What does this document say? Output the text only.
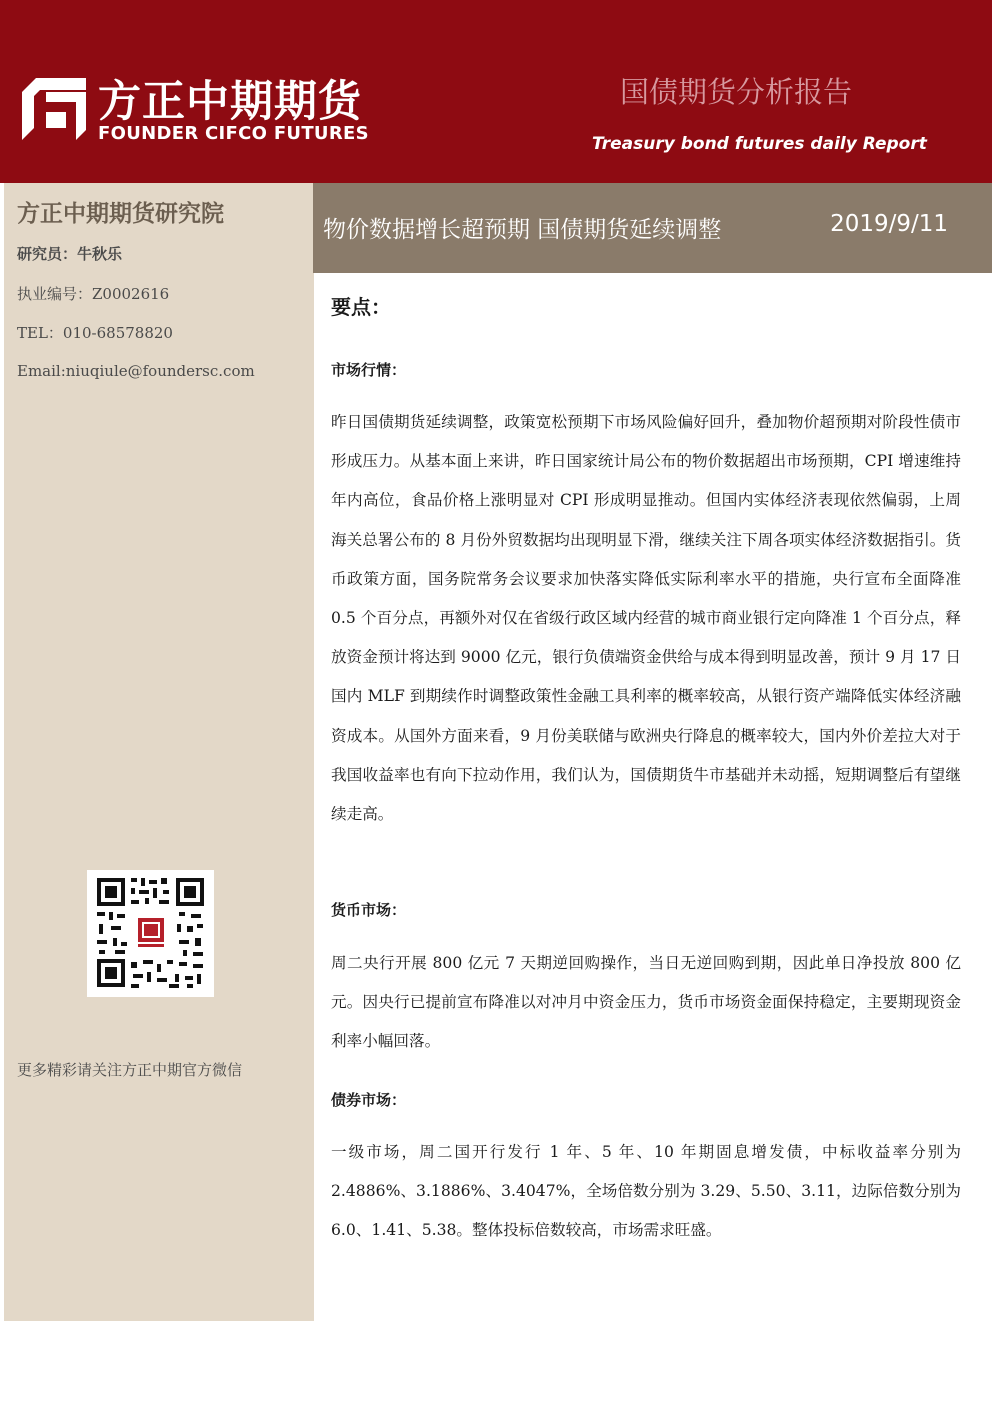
方正中期期货
FOUNDER CIFCO FUTURES
国债期货分析报告
Treasury bond futures daily Report
方正中期期货研究院
研究员：牛秋乐
执业编号：Z0002616
TEL：010-68578820
Email:niuqiule@foundersc.com
更多精彩请关注方正中期官方微信
物价数据增长超预期 国债期货延续调整	2019/9/11
要点：
市场行情：
昨日国债期货延续调整，政策宽松预期下市场风险偏好回升，叠加物价超预期对阶段性债市形成压力。从基本面上来讲，昨日国家统计局公布的物价数据超出市场预期，CPI 增速维持年内高位，食品价格上涨明显对 CPI 形成明显推动。但国内实体经济表现依然偏弱，上周海关总署公布的 8 月份外贸数据均出现明显下滑，继续关注下周各项实体经济数据指引。货币政策方面，国务院常务会议要求加快落实降低实际利率水平的措施，央行宣布全面降准 0.5 个百分点，再额外对仅在省级行政区域内经营的城市商业银行定向降准 1 个百分点，释放资金预计将达到 9000 亿元，银行负债端资金供给与成本得到明显改善，预计 9 月 17 日国内 MLF 到期续作时调整政策性金融工具利率的概率较高，从银行资产端降低实体经济融资成本。从国外方面来看，9 月份美联储与欧洲央行降息的概率较大，国内外价差拉大对于我国收益率也有向下拉动作用，我们认为，国债期货牛市基础并未动摇，短期调整后有望继续走高。
货币市场：
周二央行开展 800 亿元 7 天期逆回购操作，当日无逆回购到期，因此单日净投放 800 亿元。因央行已提前宣布降准以对冲月中资金压力，货币市场资金面保持稳定，主要期现资金利率小幅回落。
债券市场：
一级市场，周二国开行发行 1 年、5 年、10 年期固息增发债，中标收益率分别为 2.4886%、3.1886%、3.4047%，全场倍数分别为 3.29、5.50、3.11，边际倍数分别为 6.0、1.41、5.38。整体投标倍数较高，市场需求旺盛。
